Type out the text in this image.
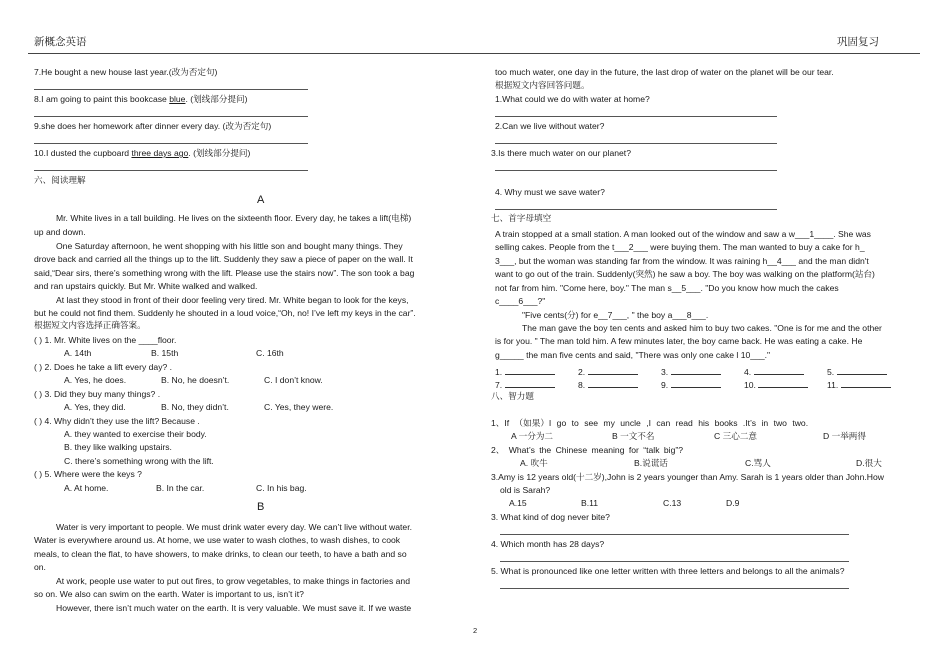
新概念英语	巩固复习
7.He bought a new house last year.(改为否定句)
8.I am going to paint this bookcase blue. (划线部分提问)
9.she does her homework after dinner every day. (改为否定句)
10.I dusted the cupboard three days ago. (划线部分提问)
六、阅读理解
A
Mr. White lives in a tall building. He lives on the sixteenth floor. Every day, he takes a lift(电梯)
up and down.
One Saturday afternoon, he went shopping with his little son and bought many things. They
drove back and carried all the things up to the lift. Suddenly they saw a piece of paper on the wall. It
said,“Dear sirs, there’s something wrong with the lift. Please use the stairs now”. The son took a bag
and ran upstairs quickly. But Mr. White walked and walked.
At last they stood in front of their door feeling very tired. Mr. White began to look for the keys,
but he could not find them. Suddenly he shouted in a loud voice,“Oh, no! I’ve left my keys in the car”.
根据短文内容选择正确答案。
( ) 1. Mr. White lives on the ____floor.
A. 14th	B. 15th	C. 16th
( ) 2. Does he take a lift every day? .
A. Yes, he does.	B. No, he doesn’t.	C. I don’t know.
( ) 3. Did they buy many things? .
A. Yes, they did.	B. No, they didn’t.	C. Yes, they were.
( ) 4. Why didn’t they use the lift? Because .
A. they wanted to exercise their body.
B. they like walking upstairs.
C. there’s something wrong with the lift.
( ) 5. Where were the keys ?
A. At home.	B. In the car.	C. In his bag.
B
Water is very important to people. We must drink water every day. We can’t live without water.
Water is everywhere around us. At home, we use water to wash clothes, to wash dishes, to cook
meals, to clean the flat, to have showers, to make drinks, to clean our teeth, to have a bath and so
on.
At work, people use water to put out fires, to grow vegetables, to make things in factories and
so on. We also can swim on the earth. Water is important to us, isn’t it?
However, there isn’t much water on the earth. It is very valuable. We must save it. If we waste
too much water, one day in the future, the last drop of water on the planet will be our tear.
根据短文内容回答问题。
1.What could we do with water at home?
2.Can we live without water?
3.Is there much water on our planet?
4. Why must we save water?
七、首字母填空
A train stopped at a small station. A man looked out of the window and saw a w___1____. She was
selling cakes. People from the t___2___ were buying them. The man wanted to buy a cake for h_
3___, but the woman was standing far from the window. It was raining h__4___ and the man didn't
want to go out of the train. Suddenly(突然) he saw a boy. The boy was walking on the platform(站台)
not far from him. "Come here, boy." The man s__5___. "Do you know how much the cakes
c____6___?"
"Five cents(分) for e__7___, " the boy a___8___.
The man gave the boy ten cents and asked him to buy two cakes. "One is for me and the other
is for you. " The man told him. A few minutes later, the boy came back. He was eating a cake. He
g_____ the man five cents and said, "There was only one cake l 10___."
1.	2.	3.	4.	5.
7.	8.	9.	10.	11.
八、智力题
1、If （如果）I go to see my uncle ,I can read his books .It’s in two two.
A 一分为二	B 一文不名	C 三心二意	D 一举两得
2、 What’s the Chinese meaning for “talk big”?
A. 吹牛	B.说谎话	C.骂人	D.很大
3.Amy is 12 years old(十二岁),John is 2 years younger than Amy. Sarah is 1 years older than John.How
old is Sarah?
A.15	B.11	C.13	D.9
3. What kind of dog never bite?
4. Which month has 28 days?
5. What is pronounced like one letter written with three letters and belongs to all the animals?
2
